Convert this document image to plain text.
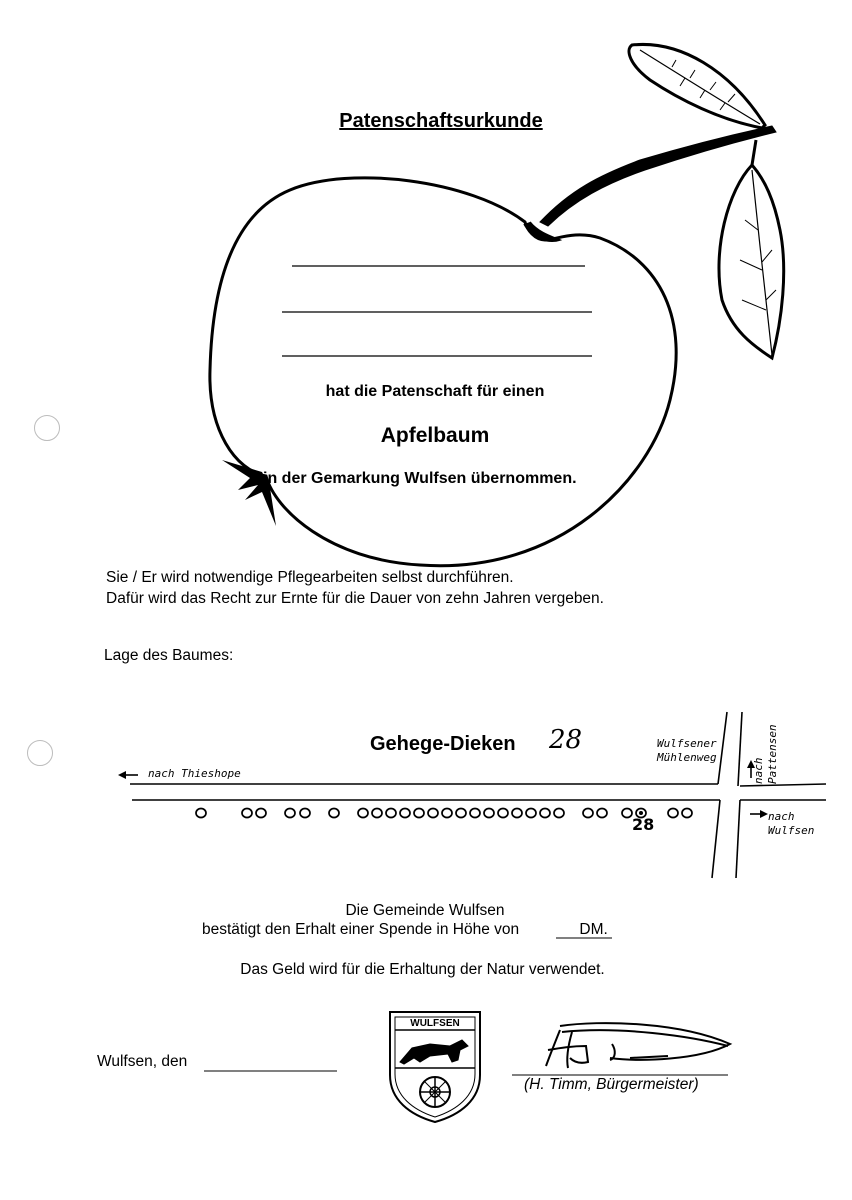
WULFSEN
Patenschaftsurkunde
hat die Patenschaft für einen
Apfelbaum
in der Gemarkung Wulfsen übernommen.
Sie / Er wird notwendige Pflegearbeiten selbst durchführen.
Dafür wird das Recht zur Ernte für die Dauer von zehn Jahren vergeben.
Lage des Baumes:
Gehege-Dieken 28
nach Thieshope
Wulfsener
Mühlenweg
nach Pattensen
nach
Wulfsen
28
Die Gemeinde Wulfsen
bestätigt den Erhalt einer Spende in Höhe von	DM.
Das Geld wird für die Erhaltung der Natur verwendet.
Wulfsen, den
(H. Timm, Bürgermeister)
